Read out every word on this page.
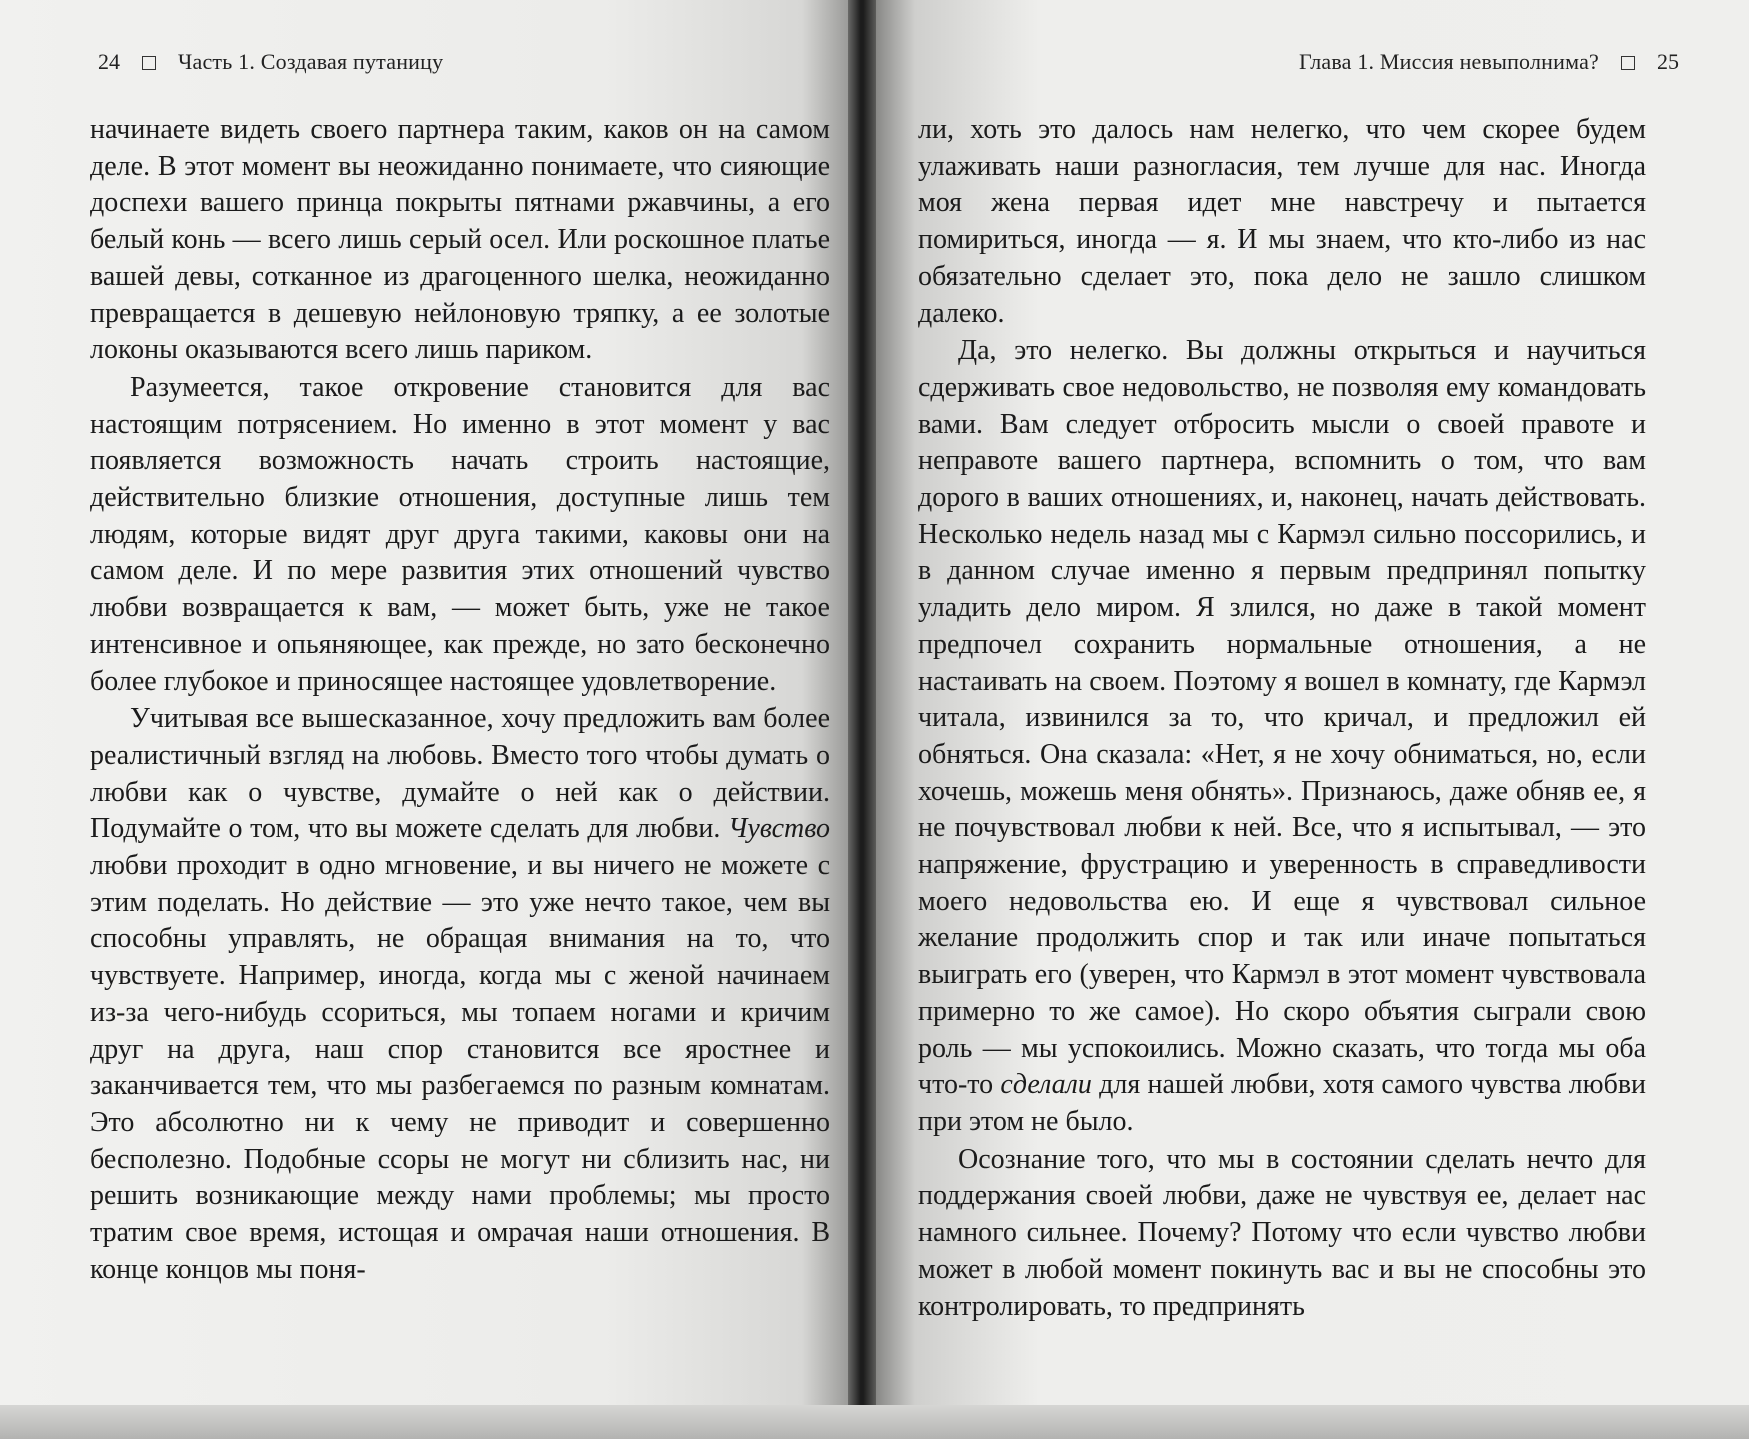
24	Часть 1. Создавая путаницу

начинаете видеть своего партнера таким, каков он на самом деле. В этот момент вы неожиданно понимаете, что сияющие доспехи вашего принца покрыты пятнами ржавчины, а его белый конь — всего лишь серый осел. Или роскошное платье вашей девы, сотканное из драгоценного шелка, неожиданно превращается в дешевую нейлоновую тряпку, а ее золотые локоны оказываются всего лишь париком.

Разумеется, такое откровение становится для вас настоящим потрясением. Но именно в этот момент у вас появляется возможность начать строить настоящие, действительно близкие отношения, доступные лишь тем людям, которые видят друг друга такими, каковы они на самом деле. И по мере развития этих отношений чувство любви возвращается к вам, — может быть, уже не такое интенсивное и опьяняющее, как прежде, но зато бесконечно более глубокое и приносящее настоящее удовлетворение.

Учитывая все вышесказанное, хочу предложить вам более реалистичный взгляд на любовь. Вместо того чтобы думать о любви как о чувстве, думайте о ней как о действии. Подумайте о том, что вы можете сделать для любви. Чувство любви проходит в одно мгновение, и вы ничего не можете с этим поделать. Но действие — это уже нечто такое, чем вы способны управлять, не обращая внимания на то, что чувствуете. Например, иногда, когда мы с женой начинаем из-за чего-нибудь ссориться, мы топаем ногами и кричим друг на друга, наш спор становится все яростнее и заканчивается тем, что мы разбегаемся по разным комнатам. Это абсолютно ни к чему не приводит и совершенно бесполезно. Подобные ссоры не могут ни сблизить нас, ни решить возникающие между нами проблемы; мы просто тратим свое время, истощая и омрачая наши отношения. В конце концов мы поня-

Глава 1. Миссия невыполнима?	25

ли, хоть это далось нам нелегко, что чем скорее будем улаживать наши разногласия, тем лучше для нас. Иногда моя жена первая идет мне навстречу и пытается помириться, иногда — я. И мы знаем, что кто-либо из нас обязательно сделает это, пока дело не зашло слишком далеко.

Да, это нелегко. Вы должны открыться и научиться сдерживать свое недовольство, не позволяя ему командовать вами. Вам следует отбросить мысли о своей правоте и неправоте вашего партнера, вспомнить о том, что вам дорого в ваших отношениях, и, наконец, начать действовать. Несколько недель назад мы с Кармэл сильно поссорились, и в данном случае именно я первым предпринял попытку уладить дело миром. Я злился, но даже в такой момент предпочел сохранить нормальные отношения, а не настаивать на своем. Поэтому я вошел в комнату, где Кармэл читала, извинился за то, что кричал, и предложил ей обняться. Она сказала: «Нет, я не хочу обниматься, но, если хочешь, можешь меня обнять». Признаюсь, даже обняв ее, я не почувствовал любви к ней. Все, что я испытывал, — это напряжение, фрустрацию и уверенность в справедливости моего недовольства ею. И еще я чувствовал сильное желание продолжить спор и так или иначе попытаться выиграть его (уверен, что Кармэл в этот момент чувствовала примерно то же самое). Но скоро объятия сыграли свою роль — мы успокоились. Можно сказать, что тогда мы оба что-то сделали для нашей любви, хотя самого чувства любви при этом не было.

Осознание того, что мы в состоянии сделать нечто для поддержания своей любви, даже не чувствуя ее, делает нас намного сильнее. Почему? Потому что если чувство любви может в любой момент покинуть вас и вы не способны это контролировать, то предпринять
